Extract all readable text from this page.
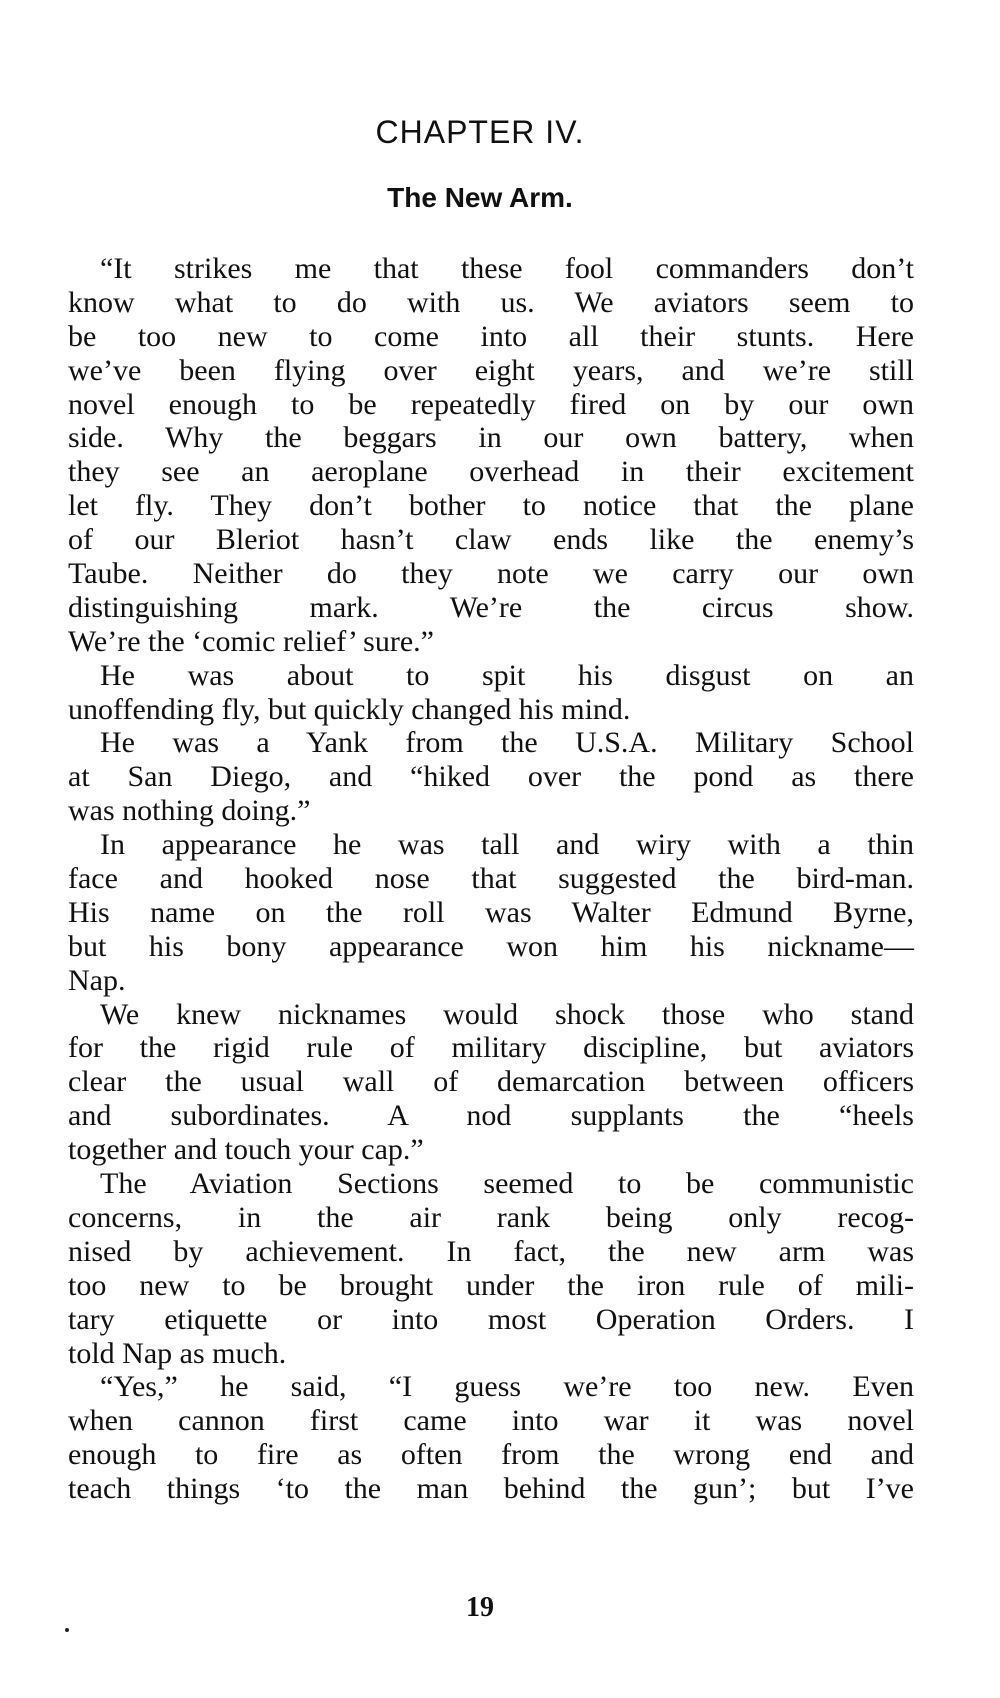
CHAPTER IV.
The New Arm.
“It strikes me that these fool commanders don’t
know what to do with us. We aviators seem to
be too new to come into all their stunts. Here
we’ve been flying over eight years, and we’re still
novel enough to be repeatedly fired on by our own
side. Why the beggars in our own battery, when
they see an aeroplane overhead in their excitement
let fly. They don’t bother to notice that the plane
of our Bleriot hasn’t claw ends like the enemy’s
Taube. Neither do they note we carry our own
distinguishing mark. We’re the circus show.
We’re the ‘comic relief’ sure.”
He was about to spit his disgust on an
unoffending fly, but quickly changed his mind.
He was a Yank from the U.S.A. Military School
at San Diego, and “hiked over the pond as there
was nothing doing.”
In appearance he was tall and wiry with a thin
face and hooked nose that suggested the bird-man.
His name on the roll was Walter Edmund Byrne,
but his bony appearance won him his nickname—
Nap.
We knew nicknames would shock those who stand
for the rigid rule of military discipline, but aviators
clear the usual wall of demarcation between officers
and subordinates. A nod supplants the “heels
together and touch your cap.”
The Aviation Sections seemed to be communistic
concerns, in the air rank being only recog-
nised by achievement. In fact, the new arm was
too new to be brought under the iron rule of mili-
tary etiquette or into most Operation Orders. I
told Nap as much.
“Yes,” he said, “I guess we’re too new. Even
when cannon first came into war it was novel
enough to fire as often from the wrong end and
teach things ‘to the man behind the gun’; but I’ve
19
